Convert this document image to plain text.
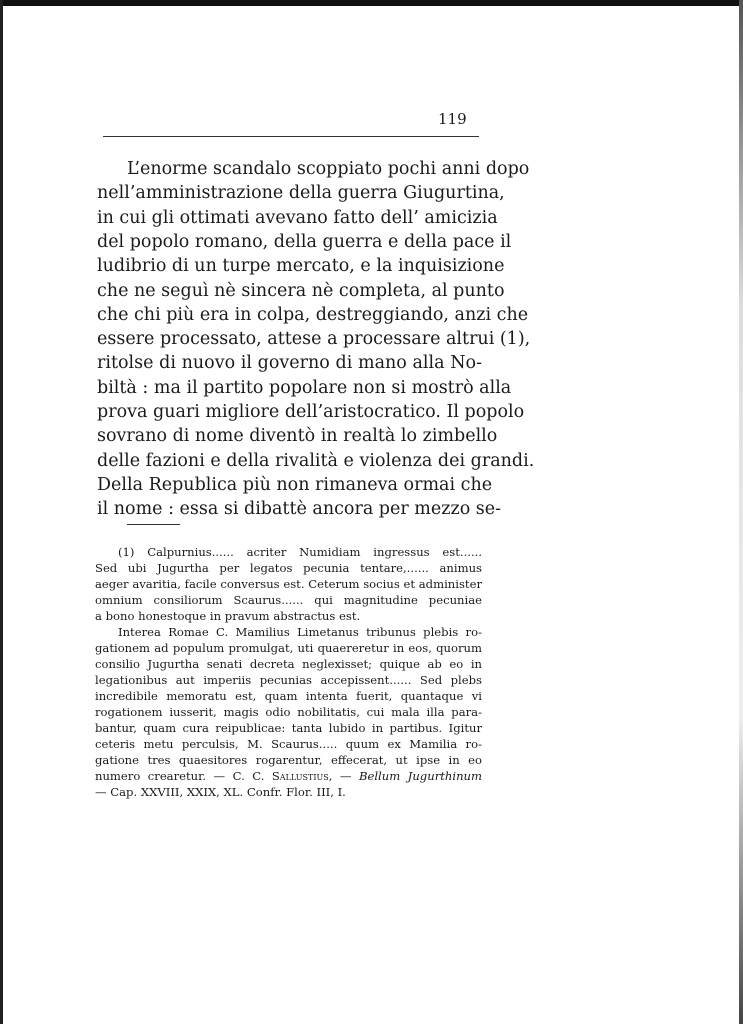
119
L’enorme scandalo scoppiato pochi anni dopo
nell’amministrazione della guerra Giugurtina,
in cui gli ottimati avevano fatto dell’ amicizia
del popolo romano, della guerra e della pace il
ludibrio di un turpe mercato, e la inquisizione
che ne seguì nè sincera nè completa, al punto
che chi più era in colpa, destreggiando, anzi che
essere processato, attese a processare altrui (1),
ritolse di nuovo il governo di mano alla No-
biltà : ma il partito popolare non si mostrò alla
prova guari migliore dell’aristocratico. Il popolo
sovrano di nome diventò in realtà lo zimbello
delle fazioni e della rivalità e violenza dei grandi.
Della Republica più non rimaneva ormai che
il nome : essa si dibattè ancora per mezzo se-
(1) Calpurnius...... acriter Numidiam ingressus est......
Sed ubi Jugurtha per legatos pecunia tentare,...... animus
aeger avaritia, facile conversus est. Ceterum socius et administer
omnium consiliorum Scaurus...... qui magnitudine pecuniae
a bono honestoque in pravum abstractus est.
Interea Romae C. Mamilius Limetanus tribunus plebis ro-
gationem ad populum promulgat, uti quaereretur in eos, quorum
consilio Jugurtha senati decreta neglexisset; quique ab eo in
legationibus aut imperiis pecunias accepissent...... Sed plebs
incredibile memoratu est, quam intenta fuerit, quantaque vi
rogationem iusserit, magis odio nobilitatis, cui mala illa para-
bantur, quam cura reipublicae: tanta lubido in partibus. Igitur
ceteris metu perculsis, M. Scaurus..... quum ex Mamilia ro-
gatione tres quaesitores rogarentur, effecerat, ut ipse in eo
numero crearetur. — C. C. Sallustius, — Bellum Jugurthinum
— Cap. XXVIII, XXIX, XL. Confr. Flor. III, I.
